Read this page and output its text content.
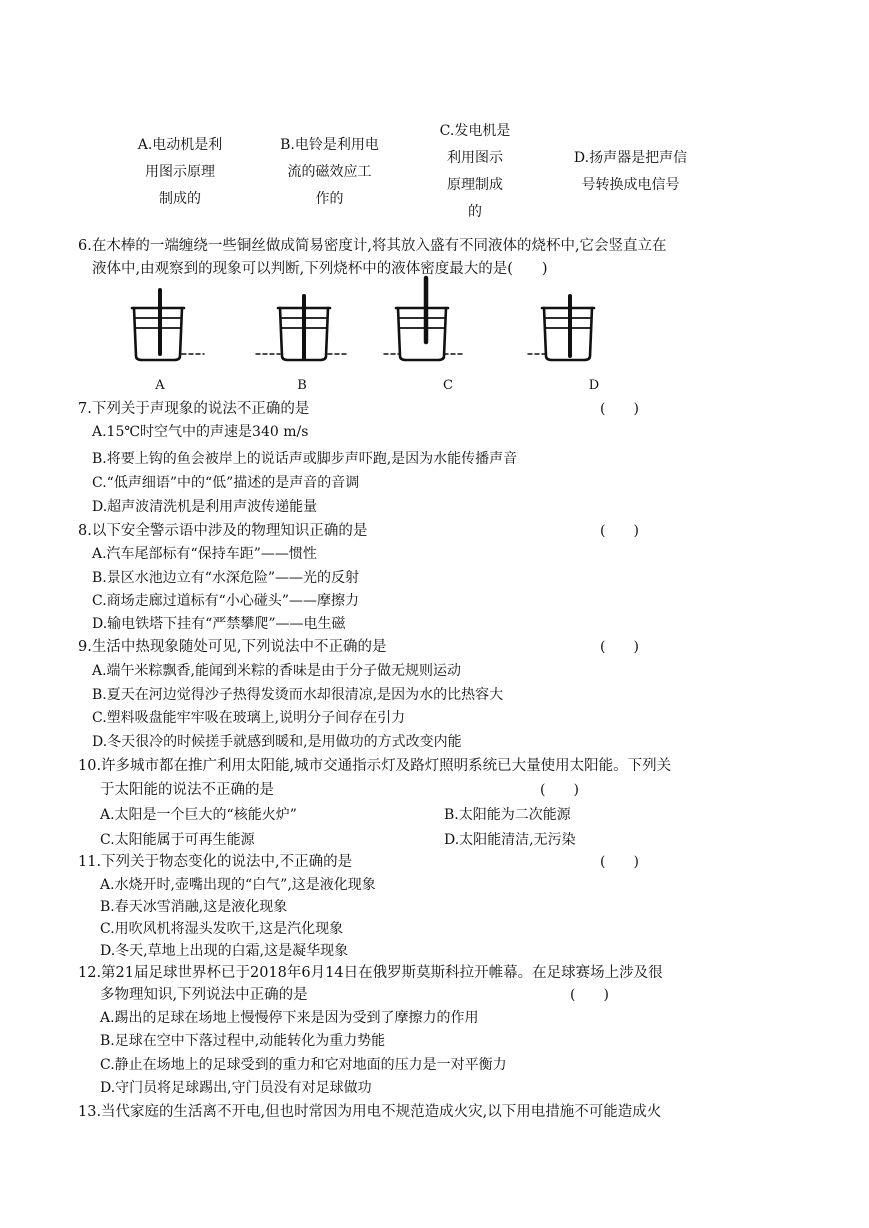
A.电动机是利
用图示原理
制成的
B.电铃是利用电
流的磁效应工
作的
C.发电机是
利用图示
原理制成
的
D.扬声器是把声信
号转换成电信号
6.在木棒的一端缠绕一些铜丝做成简易密度计,将其放入盛有不同液体的烧杯中,它会竖直立在
液体中,由观察到的现象可以判断,下列烧杯中的液体密度最大的是(　　)
A	B	C	D
7.下列关于声现象的说法不正确的是	(　　)
A.15℃时空气中的声速是340 m/s
B.将要上钩的鱼会被岸上的说话声或脚步声吓跑,是因为水能传播声音
C.“低声细语”中的“低”描述的是声音的音调
D.超声波清洗机是利用声波传递能量
8.以下安全警示语中涉及的物理知识正确的是	(　　)
A.汽车尾部标有“保持车距”——惯性
B.景区水池边立有“水深危险”——光的反射
C.商场走廊过道标有“小心碰头”——摩擦力
D.输电铁塔下挂有“严禁攀爬”——电生磁
9.生活中热现象随处可见,下列说法中不正确的是	(　　)
A.端午米粽飘香,能闻到米粽的香味是由于分子做无规则运动
B.夏天在河边觉得沙子热得发烫而水却很清凉,是因为水的比热容大
C.塑料吸盘能牢牢吸在玻璃上,说明分子间存在引力
D.冬天很冷的时候搓手就感到暖和,是用做功的方式改变内能
10.许多城市都在推广利用太阳能,城市交通指示灯及路灯照明系统已大量使用太阳能。下列关
于太阳能的说法不正确的是	(　　)
A.太阳是一个巨大的“核能火炉”	B.太阳能为二次能源
C.太阳能属于可再生能源	D.太阳能清洁,无污染
11.下列关于物态变化的说法中,不正确的是	(　　)
A.水烧开时,壶嘴出现的“白气”,这是液化现象
B.春天冰雪消融,这是液化现象
C.用吹风机将湿头发吹干,这是汽化现象
D.冬天,草地上出现的白霜,这是凝华现象
12.第21届足球世界杯已于2018年6月14日在俄罗斯莫斯科拉开帷幕。在足球赛场上涉及很
多物理知识,下列说法中正确的是	(　　)
A.踢出的足球在场地上慢慢停下来是因为受到了摩擦力的作用
B.足球在空中下落过程中,动能转化为重力势能
C.静止在场地上的足球受到的重力和它对地面的压力是一对平衡力
D.守门员将足球踢出,守门员没有对足球做功
13.当代家庭的生活离不开电,但也时常因为用电不规范造成火灾,以下用电措施不可能造成火
